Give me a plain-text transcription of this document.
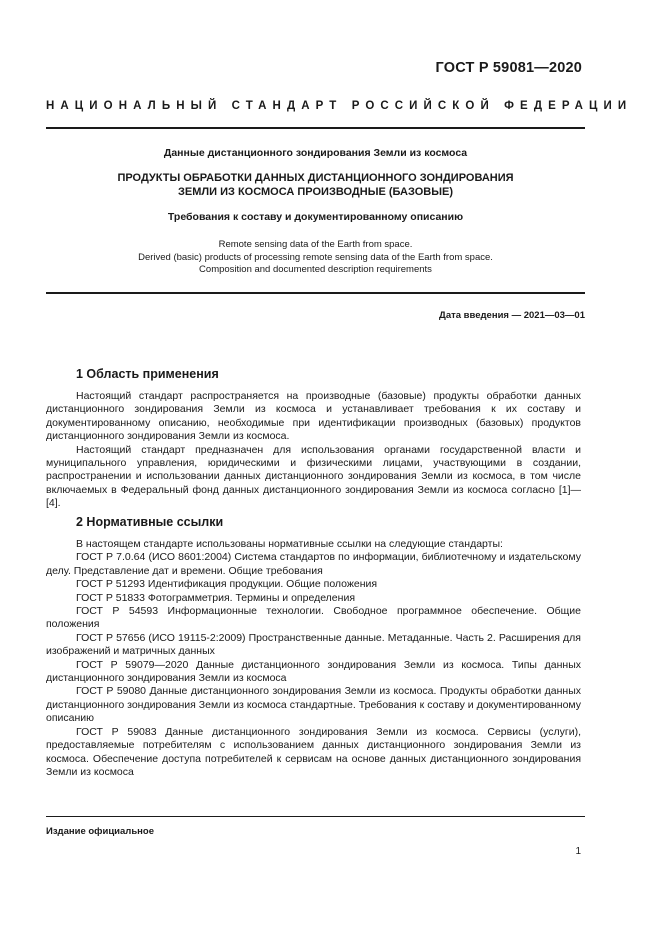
ГОСТ Р 59081—2020
НАЦИОНАЛЬНЫЙ СТАНДАРТ РОССИЙСКОЙ ФЕДЕРАЦИИ
Данные дистанционного зондирования Земли из космоса
ПРОДУКТЫ ОБРАБОТКИ ДАННЫХ ДИСТАНЦИОННОГО ЗОНДИРОВАНИЯ
ЗЕМЛИ ИЗ КОСМОСА ПРОИЗВОДНЫЕ (БАЗОВЫЕ)
Требования к составу и документированному описанию
Remote sensing data of the Earth from space.
Derived (basic) products of processing remote sensing data of the Earth from space.
Composition and documented description requirements
Дата введения — 2021—03—01
1 Область применения

Настоящий стандарт распространяется на производные (базовые) продукты обработки данных дистанционного зондирования Земли из космоса и устанавливает требования к их составу и документированному описанию, необходимые при идентификации производных (базовых) продуктов дистанционного зондирования Земли из космоса.

Настоящий стандарт предназначен для использования органами государственной власти и муниципального управления, юридическими и физическими лицами, участвующими в создании, распространении и использовании данных дистанционного зондирования Земли из космоса, в том числе включаемых в Федеральный фонд данных дистанционного зондирования Земли из космоса согласно [1]—[4].

2 Нормативные ссылки

В настоящем стандарте использованы нормативные ссылки на следующие стандарты:

ГОСТ Р 7.0.64 (ИСО 8601:2004) Система стандартов по информации, библиотечному и издательскому делу. Представление дат и времени. Общие требования

ГОСТ Р 51293 Идентификация продукции. Общие положения

ГОСТ Р 51833 Фотограмметрия. Термины и определения

ГОСТ Р 54593 Информационные технологии. Свободное программное обеспечение. Общие положения

ГОСТ Р 57656 (ИСО 19115-2:2009) Пространственные данные. Метаданные. Часть 2. Расширения для изображений и матричных данных

ГОСТ Р 59079—2020 Данные дистанционного зондирования Земли из космоса. Типы данных дистанционного зондирования Земли из космоса

ГОСТ Р 59080 Данные дистанционного зондирования Земли из космоса. Продукты обработки данных дистанционного зондирования Земли из космоса стандартные. Требования к составу и документированному описанию

ГОСТ Р 59083 Данные дистанционного зондирования Земли из космоса. Сервисы (услуги), предоставляемые потребителям с использованием данных дистанционного зондирования Земли из космоса. Обеспечение доступа потребителей к сервисам на основе данных дистанционного зондирования Земли из космоса

Издание официальное
1
